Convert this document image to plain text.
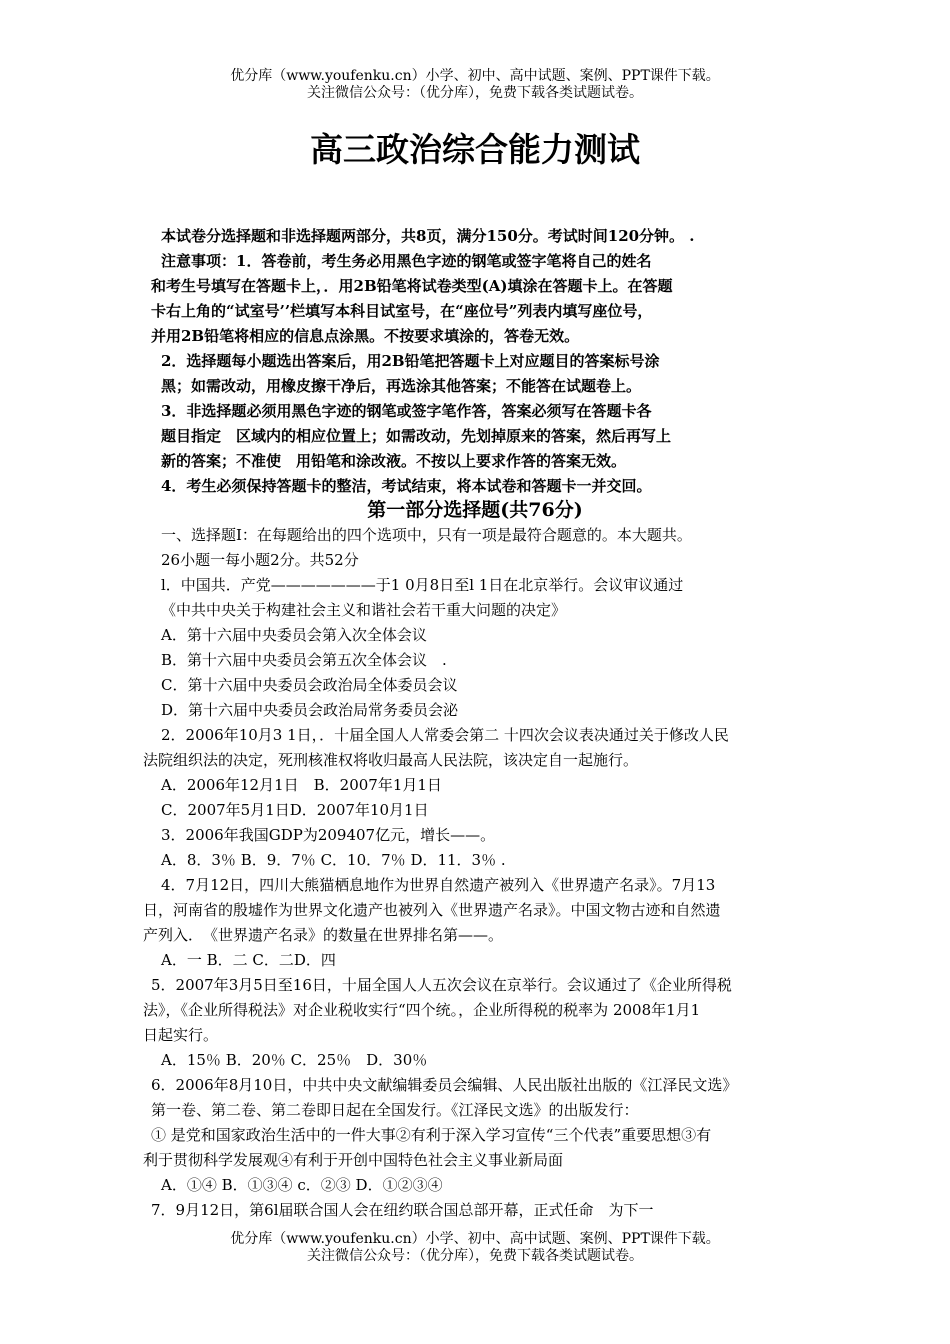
优分库（www.youfenku.cn）小学、初中、高中试题、案例、PPT课件下载。
关注微信公众号：（优分库），免费下载各类试题试卷。
高三政治综合能力测试
本试卷分选择题和非选择题两部分，共8页，满分150分。考试时间120分钟。 .
注意事项：1．答卷前，考生务必用黑色字迹的钢笔或签字笔将自己的姓名
和考生号填写在答题卡上，．用2B铅笔将试卷类型(A)填涂在答题卡上。在答题
卡右上角的“试室号’’栏填写本科目试室号，在“座位号”列表内填写座位号，
并用2B铅笔将相应的信息点涂黑。不按要求填涂的，答卷无效。
2．选择题每小题选出答案后，用2B铅笔把答题卡上对应题目的答案标号涂
黑；如需改动，用橡皮擦干净后，再选涂其他答案；不能答在试题卷上。
3．非选择题必须用黑色字迹的钢笔或签字笔作答，答案必须写在答题卡各
题目指定　区域内的相应位置上；如需改动，先划掉原来的答案，然后再写上
新的答案；不准使　用铅笔和涂改液。不按以上要求作答的答案无效。
4．考生必须保持答题卡的整洁，考试结束，将本试卷和答题卡一并交回。
第一部分选择题(共76分)
一、选择题I：在每题给出的四个选项中，只有一项是最符合题意的。本大题共。
26小题一每小题2分。共52分
l．中国共．产党———————于1 0月8日至l 1日在北京举行。会议审议通过
《中共中央关于构建社会主义和谐社会若干重大问题的决定》
A．第十六届中央委员会第入次全体会议
B．第十六届中央委员会第五次全体会议　.
C．第十六届中央委员会政治局全体委员会议
D．第十六届中央委员会政治局常务委员会泌
2．2006年10月3 1日，．十届全国人人常委会第二 十四次会议表决通过关于修改人民
法院组织法的决定，死刑核准权将收归最高人民法院，该决定自一起施行。
A．2006年12月1日　B．2007年1月1日
C．2007年5月1日D．2007年10月1日
3．2006年我国GDP为209407亿元，增长——。
A．8．3％ B．9．7％ C．10．7％ D．11．3％ .
4．7月12日，四川大熊猫栖息地作为世界自然遗产被列入《世界遗产名录》。7月13
日，河南省的殷墟作为世界文化遗产也被列入《世界遗产名录》。中国文物古迹和自然遗
产列入．　《世界遗产名录》的数量在世界排名第——。
A．一 B．二 C．二D．四
5．2007年3月5日至16日，十届全国人人五次会议在京举行。会议通过了《企业所得税
法》，《企业所得税法》对企业税收实行“四个统。，企业所得税的税率为 2008年1月1
日起实行。
A．15％ B．20％ C．25％　D．30％
6．2006年8月10日，中共中央文献编辑委员会编辑、人民出版社出版的《江泽民文选》
第一卷、第二卷、第二卷即日起在全国发行。《江泽民文选》的出版发行：
① 是党和国家政治生活中的一件大事②有利于深入学习宣传“三个代表”重要思想③有
利于贯彻科学发展观④有利于开创中国特色社会主义事业新局面
A．①④ B．①③④ c．②③ D．①②③④
7．9月12日，第6l届联合国人会在纽约联合国总部开幕，正式任命　为下一
优分库（www.youfenku.cn）小学、初中、高中试题、案例、PPT课件下载。
关注微信公众号：（优分库），免费下载各类试题试卷。
